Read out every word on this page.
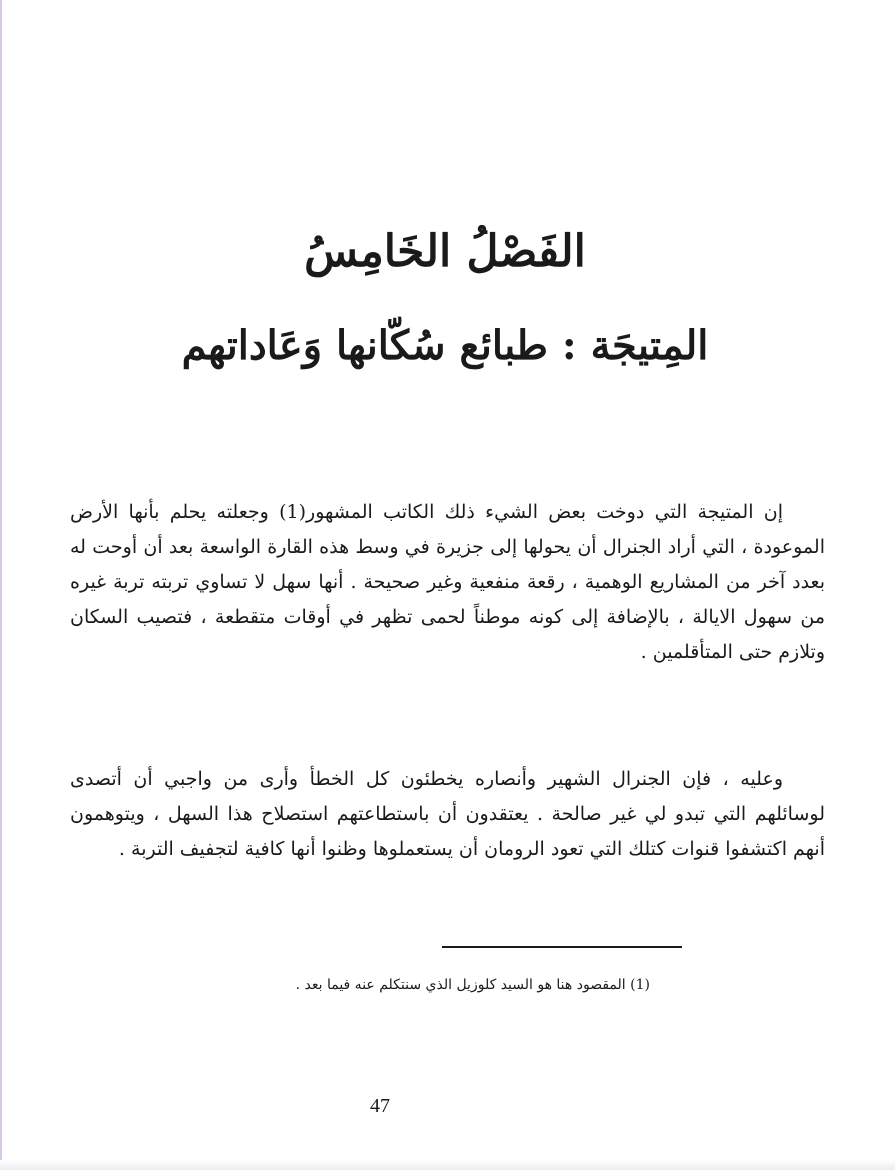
الفَصْلُ الخَامِسُ
المِتيجَة : طبائع سُكّانها وَعَاداتهم

إن المتيجة التي دوخت بعض الشيء ذلك الكاتب المشهور(1) وجعلته يحلم بأنها الأرض الموعودة ، التي أراد الجنرال أن يحولها إلى جزيرة في وسط هذه القارة الواسعة بعد أن أوحت له بعدد آخر من المشاريع الوهمية ، رقعة منفعية وغير صحيحة . أنها سهل لا تساوي تربته تربة غيره من سهول الايالة ، بالإضافة إلى كونه موطناً لحمى تظهر في أوقات متقطعة ، فتصيب السكان وتلازم حتى المتأقلمين .

وعليه ، فإن الجنرال الشهير وأنصاره يخطئون كل الخطأ وأرى من واجبي أن أتصدى لوسائلهم التي تبدو لي غير صالحة . يعتقدون أن باستطاعتهم استصلاح هذا السهل ، ويتوهمون أنهم اكتشفوا قنوات كتلك التي تعود الرومان أن يستعملوها وظنوا أنها كافية لتجفيف التربة .

(1) المقصود هنا هو السيد كلوزيل الذي سنتكلم عنه فيما بعد .

47
